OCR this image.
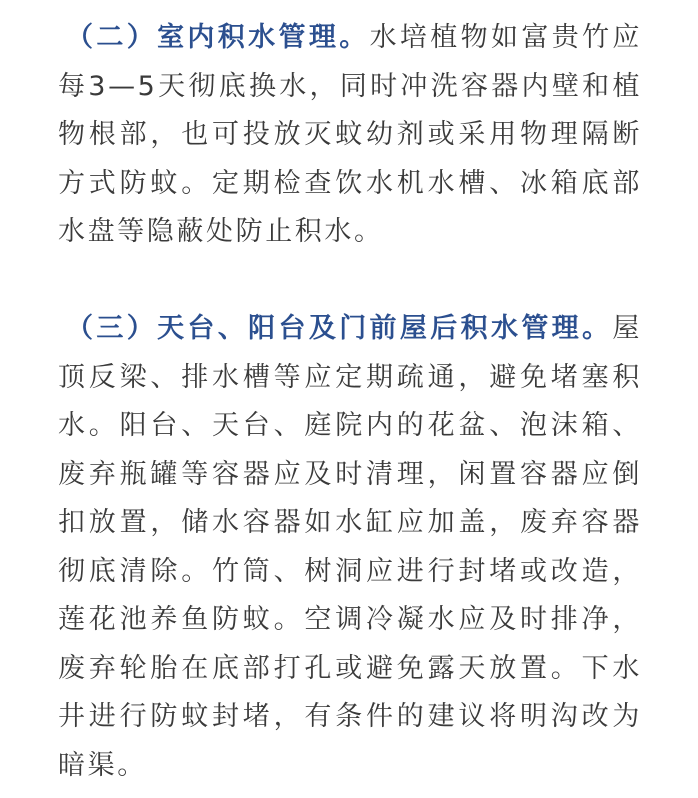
（二）室内积水管理。水培植物如富贵竹应每3—5天彻底换水，同时冲洗容器内壁和植物根部，也可投放灭蚊幼剂或采用物理隔断方式防蚊。定期检查饮水机水槽、冰箱底部水盘等隐蔽处防止积水。

（三）天台、阳台及门前屋后积水管理。屋顶反梁、排水槽等应定期疏通，避免堵塞积水。阳台、天台、庭院内的花盆、泡沫箱、废弃瓶罐等容器应及时清理，闲置容器应倒扣放置，储水容器如水缸应加盖，废弃容器彻底清除。竹筒、树洞应进行封堵或改造，莲花池养鱼防蚊。空调冷凝水应及时排净，废弃轮胎在底部打孔或避免露天放置。下水井进行防蚊封堵，有条件的建议将明沟改为暗渠。
